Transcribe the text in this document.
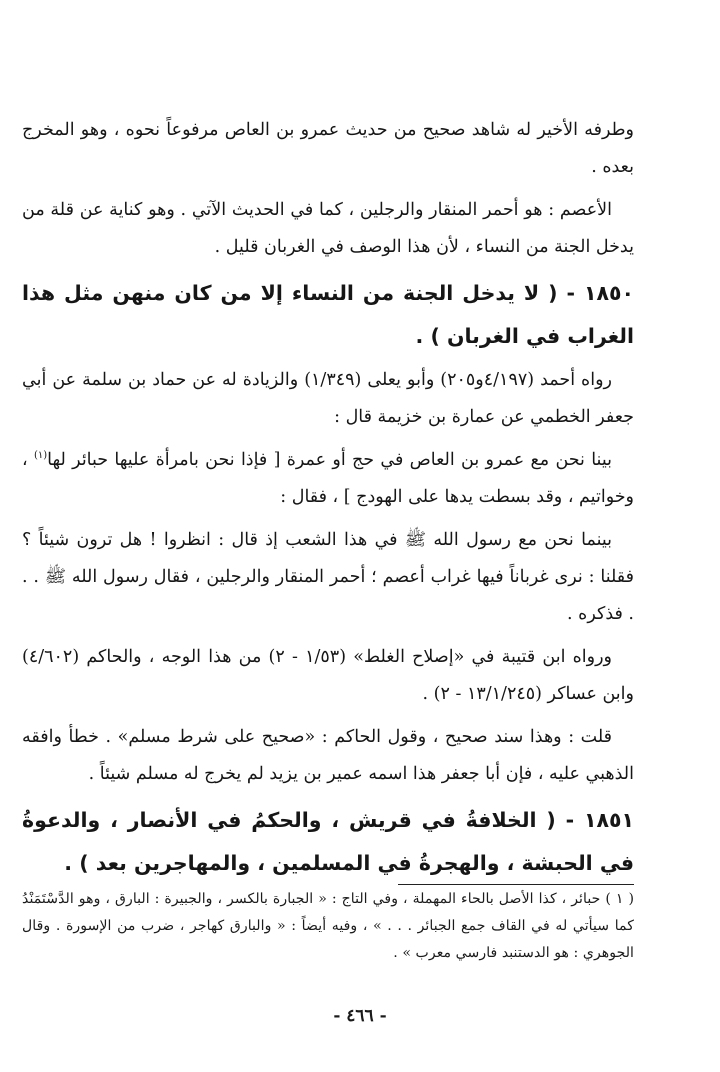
وطرفه الأخير له شاهد صحيح من حديث عمرو بن العاص مرفوعاً نحوه ، وهو المخرج بعده .

الأعصم : هو أحمر المنقار والرجلين ، كما في الحديث الآتي . وهو كناية عن قلة من يدخل الجنة من النساء ، لأن هذا الوصف في الغربان قليل .

١٨٥٠ - ( لا يدخل الجنة من النساء إلا من كان منهن مثل هذا الغراب في الغربان ) .

رواه أحمد (٤/١٩٧و٢٠٥) وأبو يعلى (١/٣٤٩) والزيادة له عن حماد بن سلمة عن أبي جعفر الخطمي عن عمارة بن خزيمة قال :

بينا نحن مع عمرو بن العاص في حج أو عمرة [ فإذا نحن بامرأة عليها حبائر لها$^{(١)}$ ، وخواتيم ، وقد بسطت يدها على الهودج ] ، فقال :

بينما نحن مع رسول الله ﷺ في هذا الشعب إذ قال : انظروا ! هل ترون شيئاً ؟ فقلنا : نرى غرباناً فيها غراب أعصم ؛ أحمر المنقار والرجلين ، فقال رسول الله ﷺ . . . فذكره .

ورواه ابن قتيبة في «إصلاح الغلط» (١/٥٣ - ٢) من هذا الوجه ، والحاكم (٤/٦٠٢) وابن عساكر (١٣/١/٢٤٥ - ٢) .

قلت : وهذا سند صحيح ، وقول الحاكم : «صحيح على شرط مسلم» . خطأ وافقه الذهبي عليه ، فإن أبا جعفر هذا اسمه عمير بن يزيد لم يخرج له مسلم شيئاً .

١٨٥١ - ( الخلافةُ في قريش ، والحكمُ في الأنصار ، والدعوةُ في الحبشة ، والهجرةُ في المسلمين ، والمهاجرين بعد ) .

( ١ ) حبائر ، كذا الأصل بالحاء المهملة ، وفي التاج : « الجبارة بالكسر ، والجبيرة : البارق ، وهو الدَّسْتَمَنْدُ كما سيأتي له في القاف جمع الجبائر . . . » ، وفيه أيضاً : « والبارق كهاجر ، ضرب من الإسورة . وقال الجوهري : هو الدستنبد فارسي معرب » .

- ٤٦٦ -
